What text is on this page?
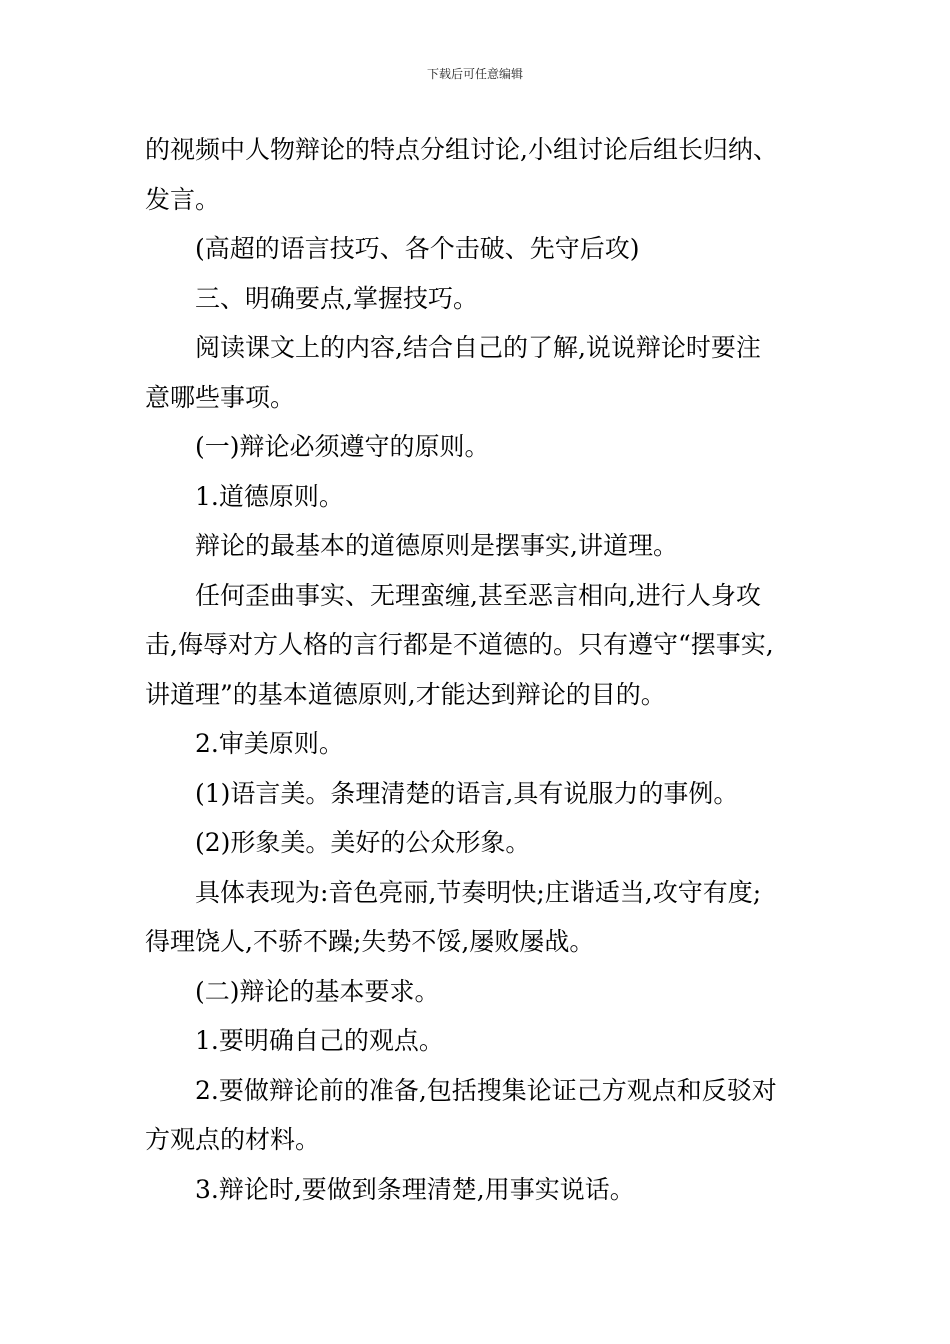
下载后可任意编辑
的视频中人物辩论的特点分组讨论,小组讨论后组长归纳、
发言。
(高超的语言技巧、各个击破、先守后攻)
三、明确要点,掌握技巧。
阅读课文上的内容,结合自己的了解,说说辩论时要注
意哪些事项。
(一)辩论必须遵守的原则。
1.道德原则。
辩论的最基本的道德原则是摆事实,讲道理。
任何歪曲事实、无理蛮缠,甚至恶言相向,进行人身攻
击,侮辱对方人格的言行都是不道德的。只有遵守“摆事实,
讲道理”的基本道德原则,才能达到辩论的目的。
2.审美原则。
(1)语言美。条理清楚的语言,具有说服力的事例。
(2)形象美。美好的公众形象。
具体表现为:音色亮丽,节奏明快;庄谐适当,攻守有度;
得理饶人,不骄不躁;失势不馁,屡败屡战。
(二)辩论的基本要求。
1.要明确自己的观点。
2.要做辩论前的准备,包括搜集论证己方观点和反驳对
方观点的材料。
3.辩论时,要做到条理清楚,用事实说话。
